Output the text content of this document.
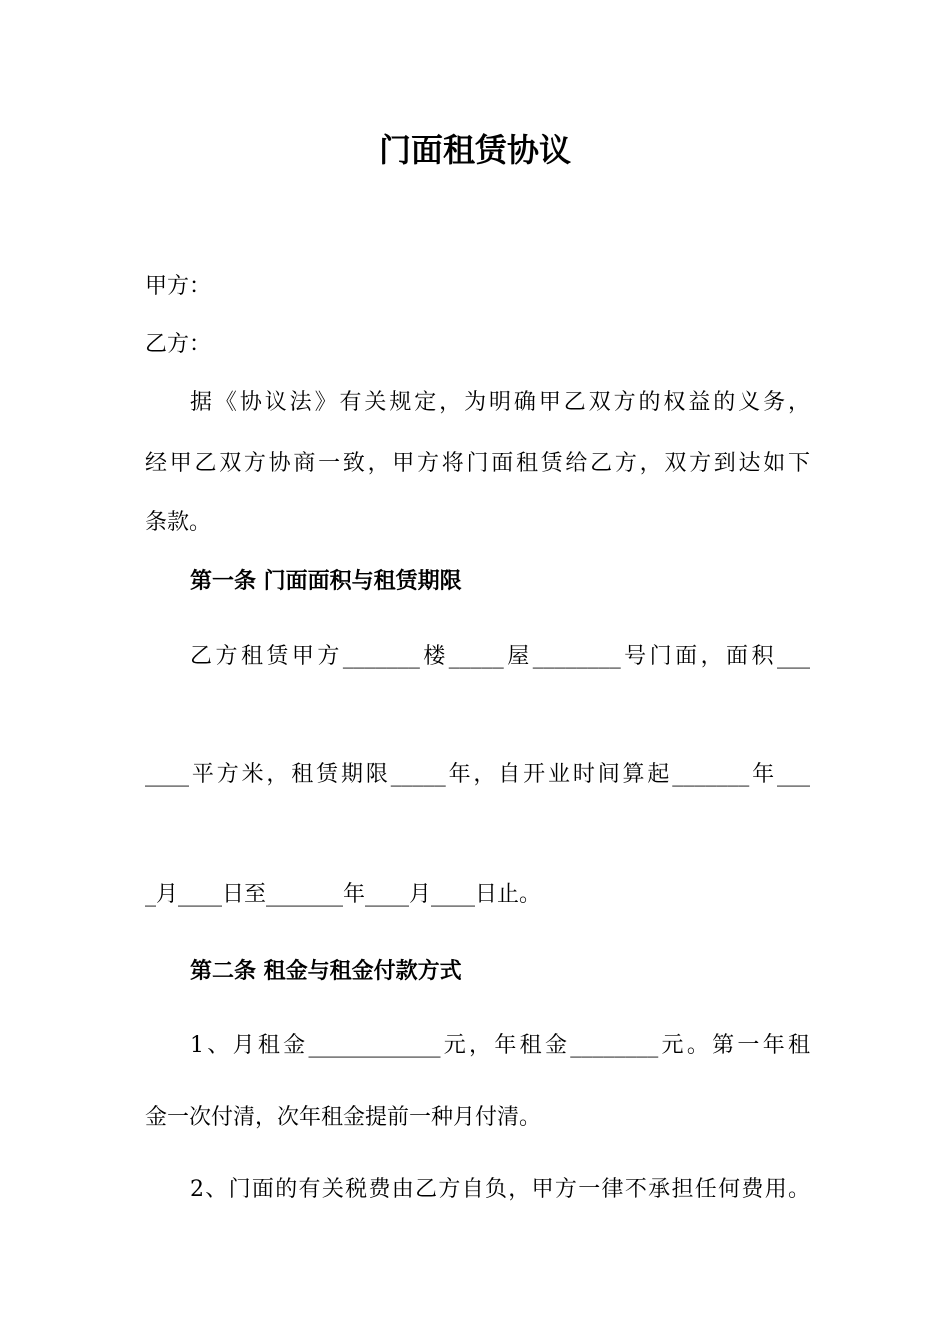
门面租赁协议
甲方：
乙方：
据《协议法》有关规定，为明确甲乙双方的权益的义务，
经甲乙双方协商一致，甲方将门面租赁给乙方，双方到达如下
条款。
第一条 门面面积与租赁期限
乙方租赁甲方_______楼_____屋________号门面，面积___
____平方米，租赁期限_____年，自开业时间算起_______年___
_月____日至_______年____月____日止。
第二条 租金与租金付款方式
1、月租金____________元，年租金________元。第一年租
金一次付清，次年租金提前一种月付清。
2、门面的有关税费由乙方自负，甲方一律不承担任何费用。
